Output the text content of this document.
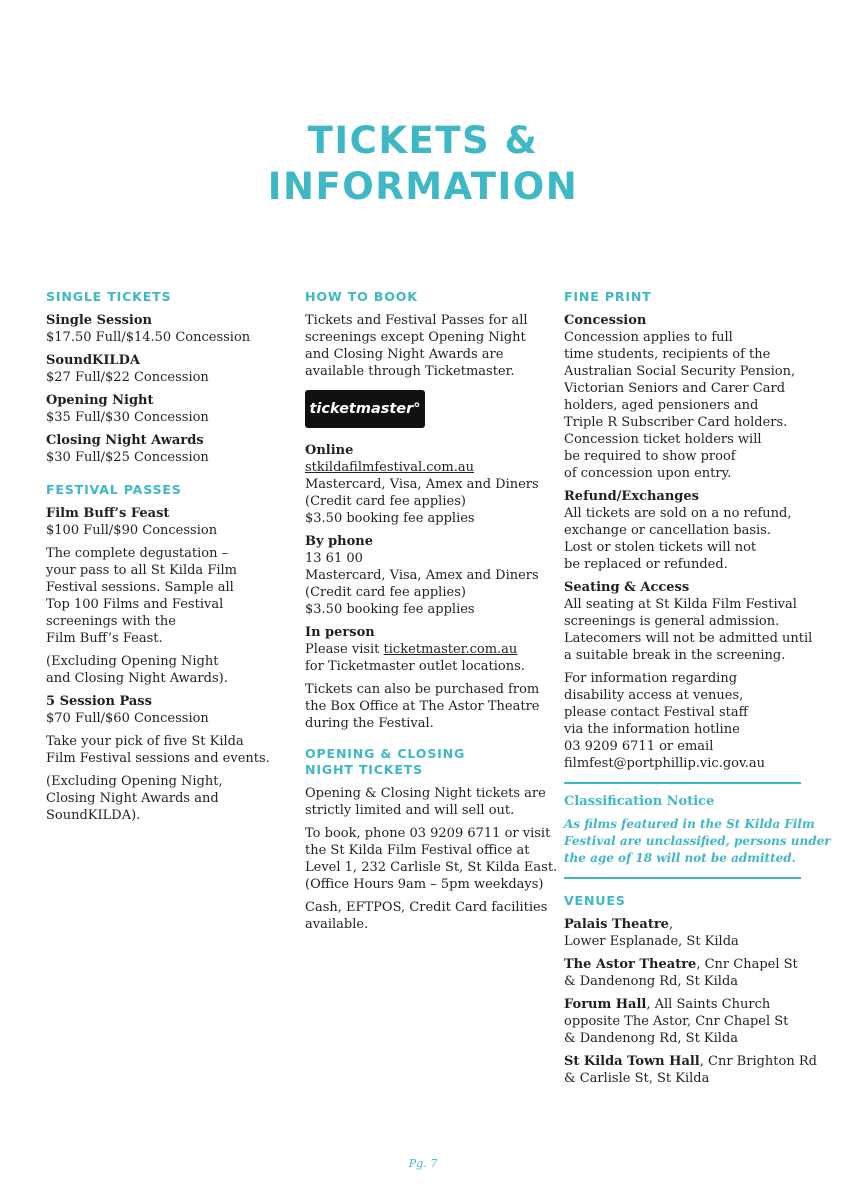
TICKETS &
INFORMATION
SINGLE TICKETS
Single Session
$17.50 Full/$14.50 Concession
SoundKILDA
$27 Full/$22 Concession
Opening Night
$35 Full/$30 Concession
Closing Night Awards
$30 Full/$25 Concession
FESTIVAL PASSES
Film Buff’s Feast
$100 Full/$90 Concession
The complete degustation –
your pass to all St Kilda Film
Festival sessions. Sample all
Top 100 Films and Festival
screenings with the
Film Buff’s Feast.
(Excluding Opening Night
and Closing Night Awards).
5 Session Pass
$70 Full/$60 Concession
Take your pick of five St Kilda
Film Festival sessions and events.
(Excluding Opening Night,
Closing Night Awards and
SoundKILDA).
HOW TO BOOK
Tickets and Festival Passes for all
screenings except Opening Night
and Closing Night Awards are
available through Ticketmaster.
ticketmaster°
Online
stkildafilmfestival.com.au
Mastercard, Visa, Amex and Diners
(Credit card fee applies)
$3.50 booking fee applies
By phone
13 61 00
Mastercard, Visa, Amex and Diners
(Credit card fee applies)
$3.50 booking fee applies
In person
Please visit ticketmaster.com.au
for Ticketmaster outlet locations.
Tickets can also be purchased from
the Box Office at The Astor Theatre
during the Festival.
OPENING & CLOSING
NIGHT TICKETS
Opening & Closing Night tickets are
strictly limited and will sell out.
To book, phone 03 9209 6711 or visit
the St Kilda Film Festival office at
Level 1, 232 Carlisle St, St Kilda East.
(Office Hours 9am – 5pm weekdays)
Cash, EFTPOS, Credit Card facilities
available.
FINE PRINT
Concession
Concession applies to full
time students, recipients of the
Australian Social Security Pension,
Victorian Seniors and Carer Card
holders, aged pensioners and
Triple R Subscriber Card holders.
Concession ticket holders will
be required to show proof
of concession upon entry.
Refund/Exchanges
All tickets are sold on a no refund,
exchange or cancellation basis.
Lost or stolen tickets will not
be replaced or refunded.
Seating & Access
All seating at St Kilda Film Festival
screenings is general admission.
Latecomers will not be admitted until
a suitable break in the screening.
For information regarding
disability access at venues,
please contact Festival staff
via the information hotline
03 9209 6711 or email
filmfest@portphillip.vic.gov.au
Classification Notice
As films featured in the St Kilda Film
Festival are unclassified, persons under
the age of 18 will not be admitted.
VENUES
Palais Theatre,
Lower Esplanade, St Kilda
The Astor Theatre, Cnr Chapel St
& Dandenong Rd, St Kilda
Forum Hall, All Saints Church
opposite The Astor, Cnr Chapel St
& Dandenong Rd, St Kilda
St Kilda Town Hall, Cnr Brighton Rd
& Carlisle St, St Kilda
Pg. 7
